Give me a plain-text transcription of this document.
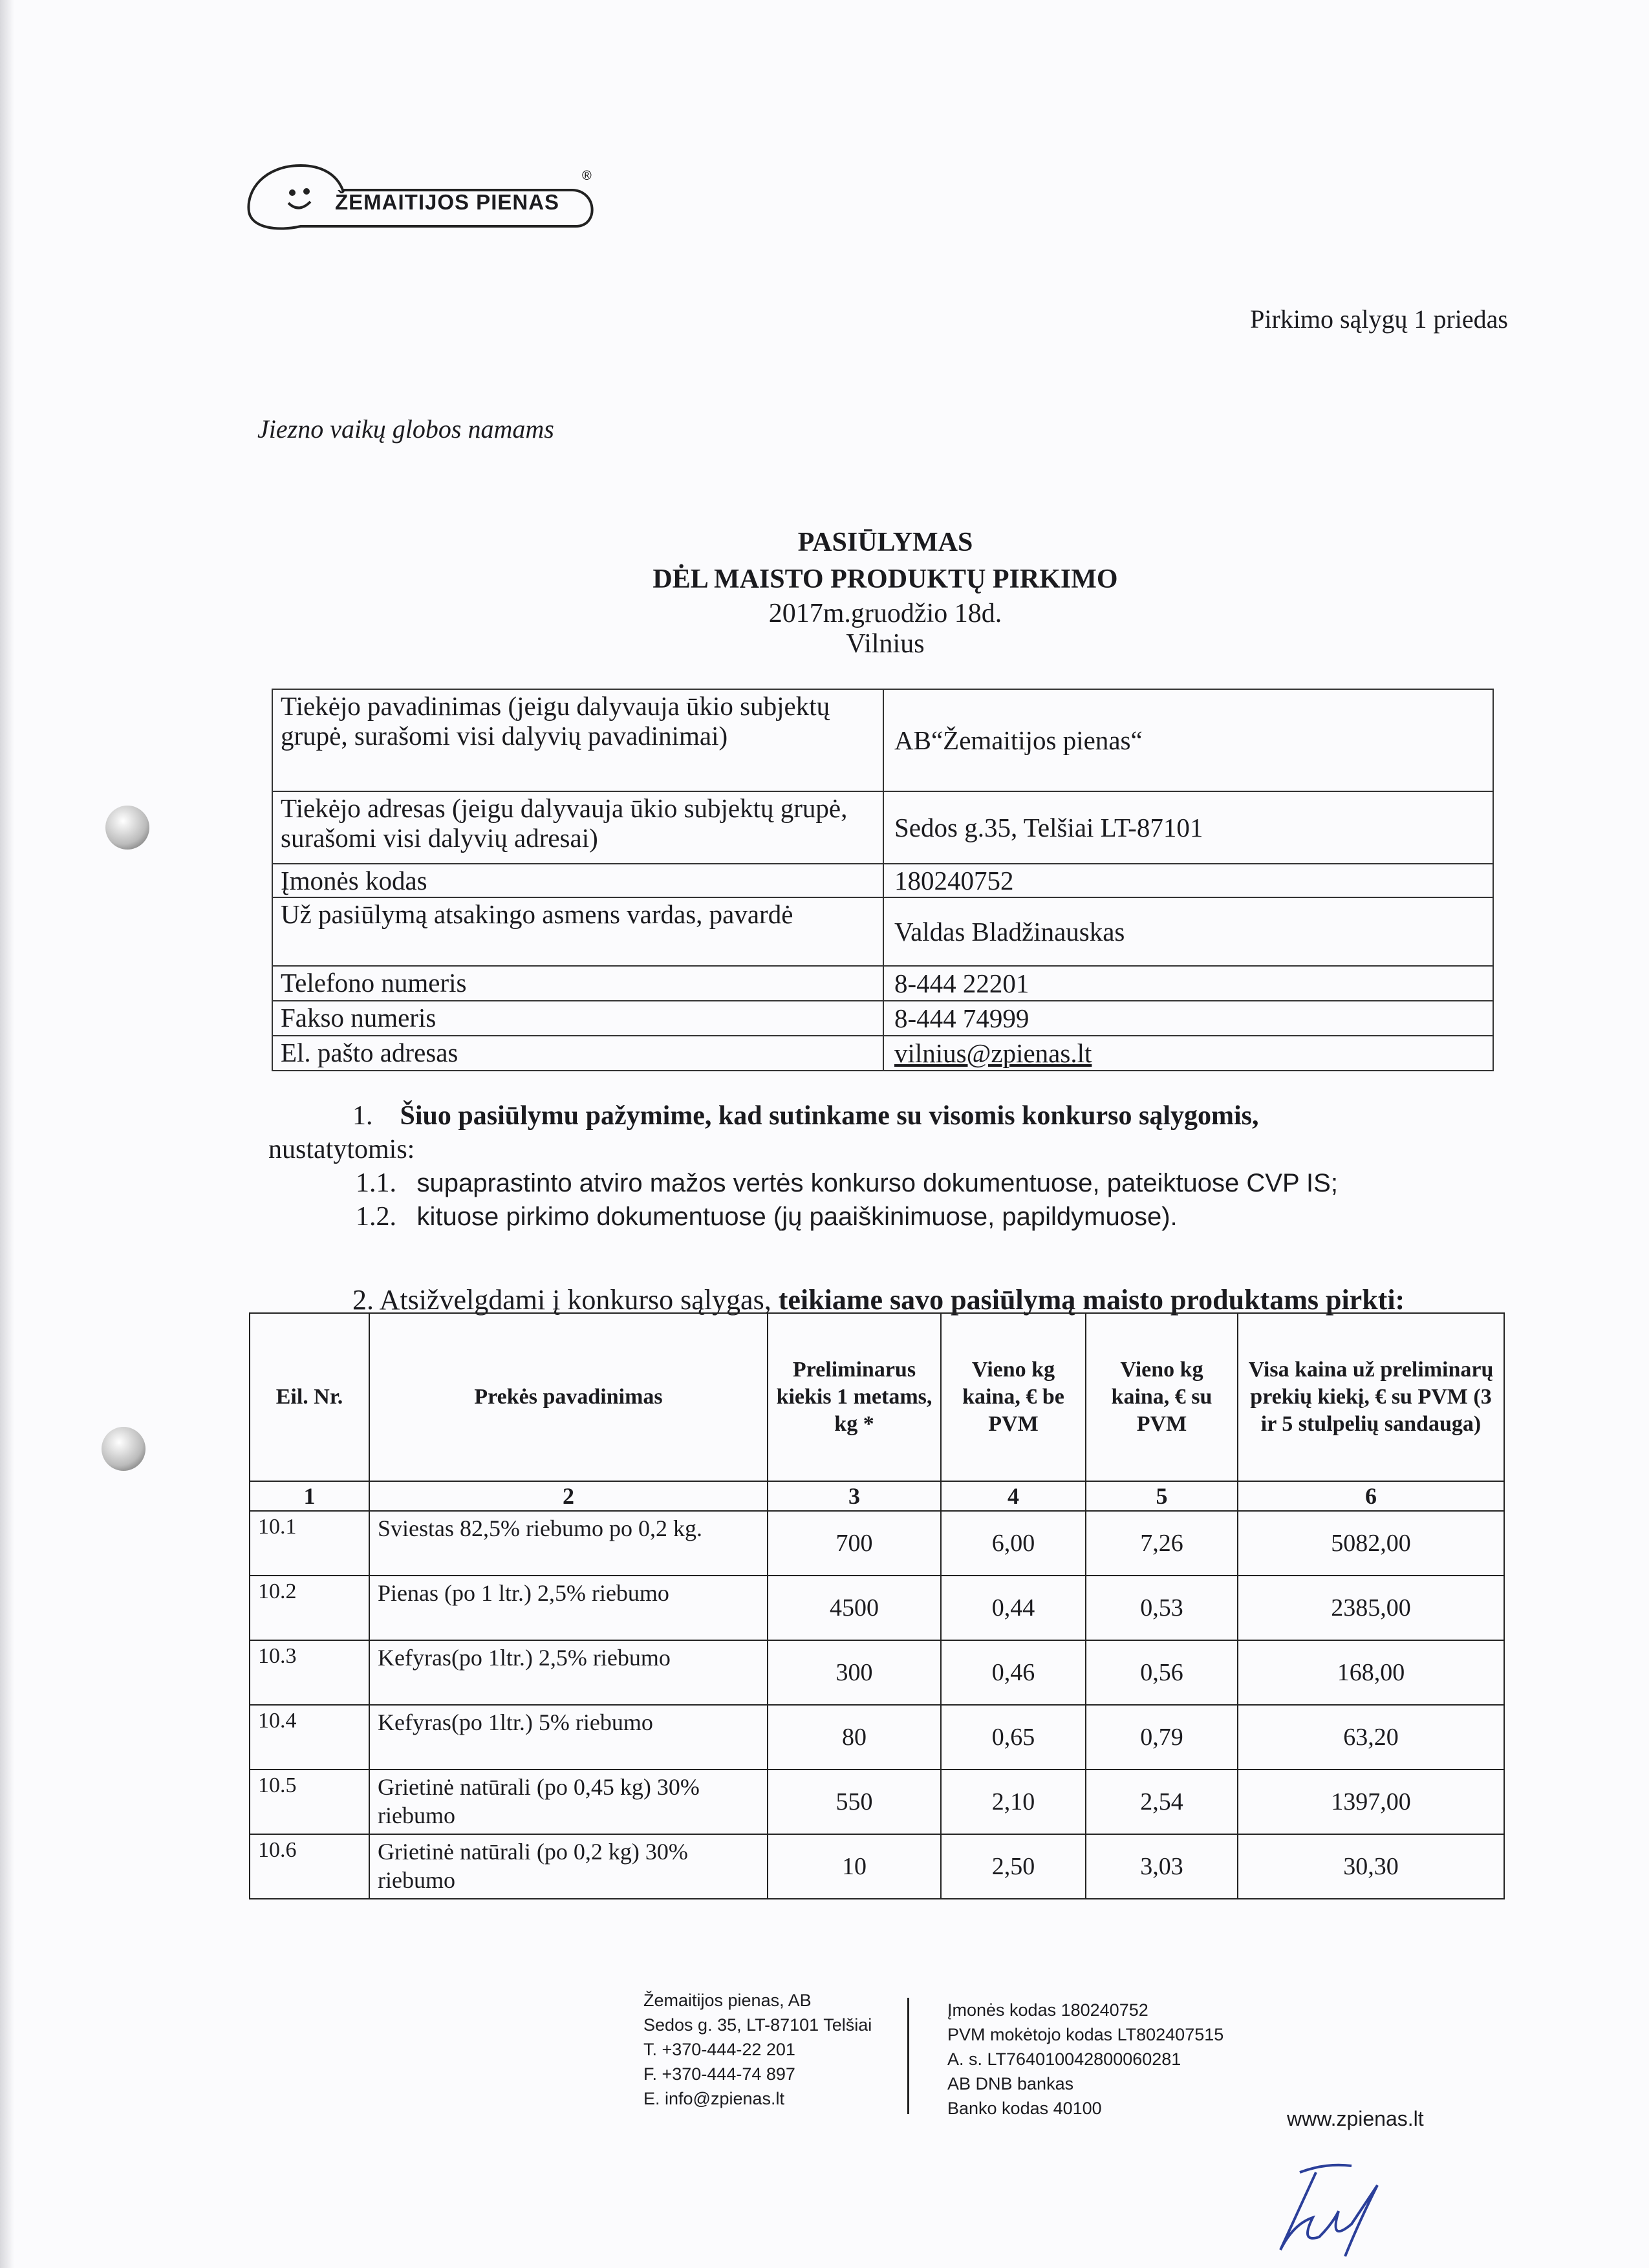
®
ŽEMAITIJOS PIENAS
Pirkimo sąlygų 1 priedas
Jiezno vaikų globos namams
PASIŪLYMAS
DĖL MAISTO PRODUKTŲ PIRKIMO
2017m.gruodžio 18d.
Vilnius
Tiekėjo pavadinimas (jeigu dalyvauja ūkio subjektų grupė, surašomi visi dalyvių pavadinimai)	AB“Žemaitijos pienas“
Tiekėjo adresas (jeigu dalyvauja ūkio subjektų grupė, surašomi visi dalyvių adresai)	Sedos g.35, Telšiai LT-87101
Įmonės kodas	180240752
Už pasiūlymą atsakingo asmens vardas, pavardė	Valdas Bladžinauskas
Telefono numeris	8-444 22201
Fakso numeris	8-444 74999
El. pašto adresas	vilnius@zpienas.lt
1. Šiuo pasiūlymu pažymime, kad sutinkame su visomis konkurso sąlygomis,
nustatytomis:
1.1. supaprastinto atviro mažos vertės konkurso dokumentuose, pateiktuose CVP IS;
1.2. kituose pirkimo dokumentuose (jų paaiškinimuose, papildymuose).
2. Atsižvelgdami į konkurso sąlygas, teikiame savo pasiūlymą maisto produktams pirkti:
Eil. Nr.	Prekės pavadinimas	Preliminarus kiekis 1 metams, kg *	Vieno kg kaina, € be PVM	Vieno kg kaina, € su PVM	Visa kaina už preliminarų prekių kiekį, € su PVM (3 ir 5 stulpelių sandauga)
1	2	3	4	5	6
10.1	Sviestas 82,5% riebumo po 0,2 kg.	700	6,00	7,26	5082,00
10.2	Pienas (po 1 ltr.) 2,5% riebumo	4500	0,44	0,53	2385,00
10.3	Kefyras(po 1ltr.) 2,5% riebumo	300	0,46	0,56	168,00
10.4	Kefyras(po 1ltr.) 5% riebumo	80	0,65	0,79	63,20
10.5	Grietinė natūrali (po 0,45 kg) 30% riebumo	550	2,10	2,54	1397,00
10.6	Grietinė natūrali (po 0,2 kg) 30% riebumo	10	2,50	3,03	30,30
Žemaitijos pienas, AB
Sedos g. 35, LT-87101 Telšiai
T. +370-444-22 201
F. +370-444-74 897
E. info@zpienas.lt
Įmonės kodas 180240752
PVM mokėtojo kodas LT802407515
A. s. LT764010042800060281
AB DNB bankas
Banko kodas 40100	www.zpienas.lt
